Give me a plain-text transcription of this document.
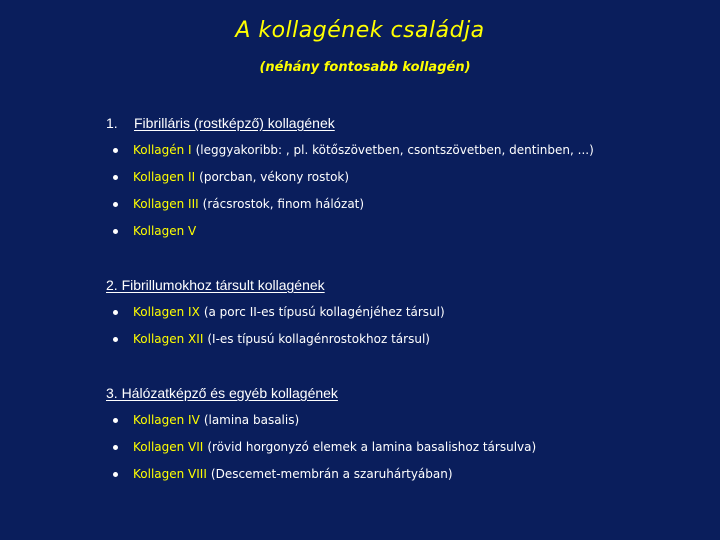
A kollagének családja
(néhány fontosabb kollagén)
1. Fibrilláris (rostképző) kollagének
Kollagén I (leggyakoribb: , pl. kötőszövetben, csontszövetben, dentinben, ...)
Kollagen II (porcban, vékony rostok)
Kollagen III (rácsrostok, finom hálózat)
Kollagen V
2. Fibrillumokhoz társult kollagének
Kollagen IX (a porc II-es típusú kollagénjéhez társul)
Kollagen XII (I-es típusú kollagénrostokhoz társul)
3. Hálózatképző és egyéb kollagének
Kollagen IV (lamina basalis)
Kollagen VII (rövid horgonyzó elemek a lamina basalishoz társulva)
Kollagen VIII (Descemet-membrán a szaruhártyában)
